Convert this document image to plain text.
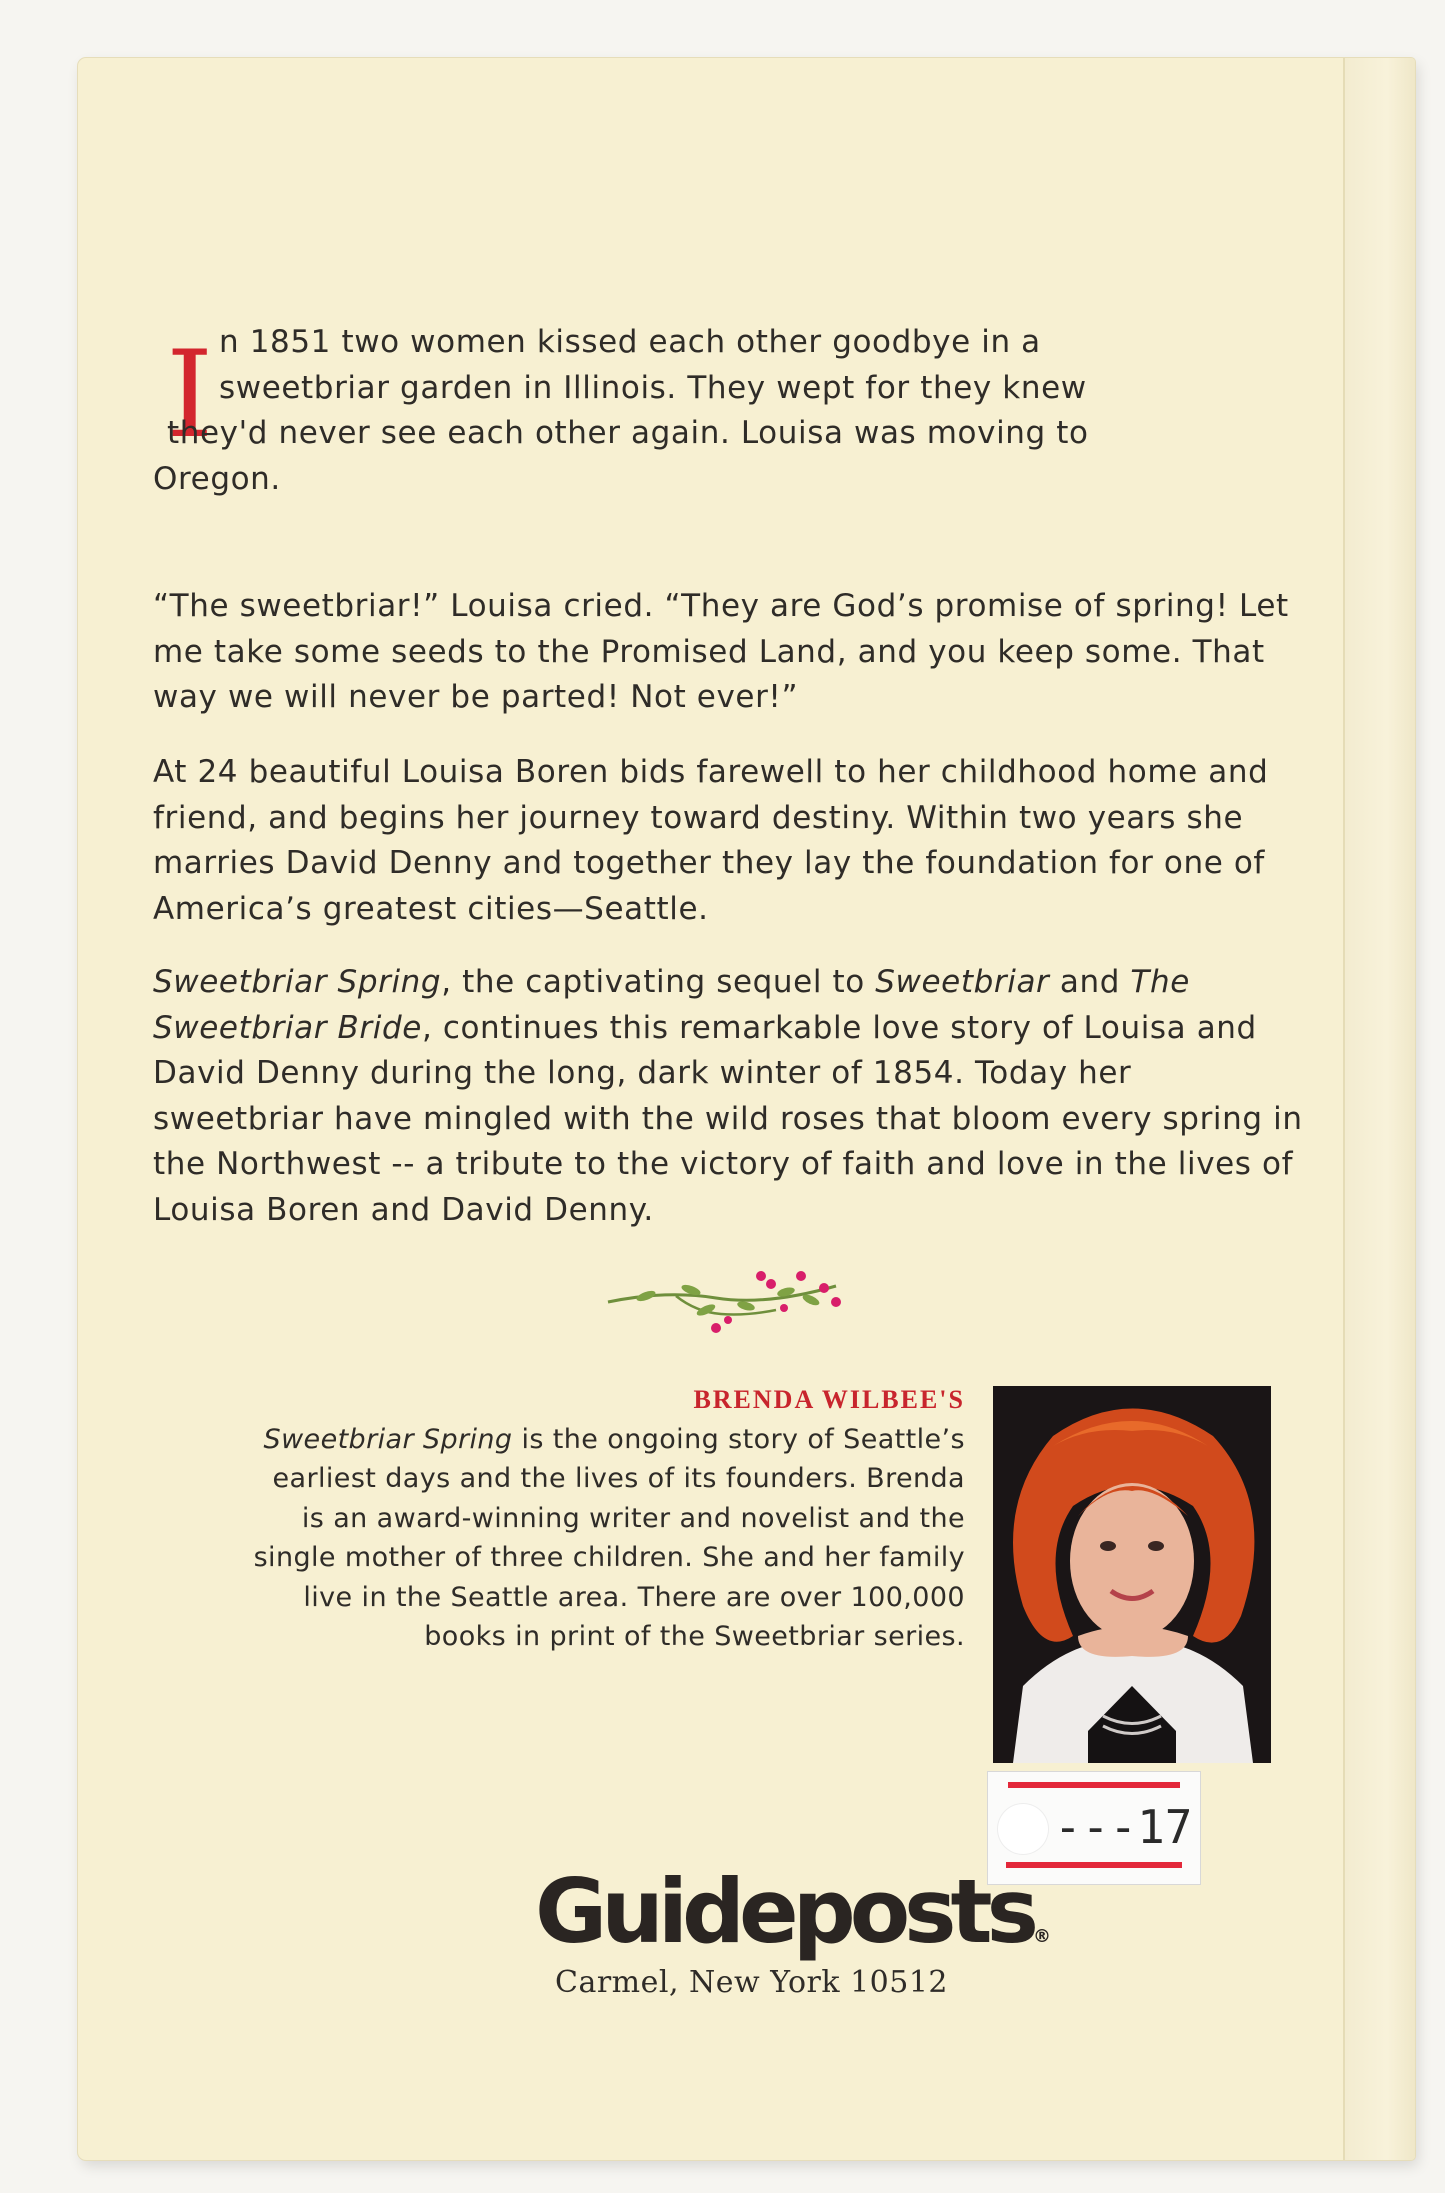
I n 1851 two women kissed each other goodbye in a
sweetbriar garden in Illinois. They wept for they knew
they'd never see each other again. Louisa was moving to
Oregon.

“The sweetbriar!” Louisa cried. “They are God’s promise of spring! Let me take some seeds to the Promised Land, and you keep some. That way we will never be parted! Not ever!”

At 24 beautiful Louisa Boren bids farewell to her childhood home and friend, and begins her journey toward destiny. Within two years she marries David Denny and together they lay the foundation for one of America’s greatest cities—Seattle.

Sweetbriar Spring, the captivating sequel to Sweetbriar and The Sweetbriar Bride, continues this remarkable love story of Louisa and David Denny during the long, dark winter of 1854. Today her sweetbriar have mingled with the wild roses that bloom every spring in the Northwest -- a tribute to the victory of faith and love in the lives of Louisa Boren and David Denny.

BRENDA WILBEE'S
Sweetbriar Spring is the ongoing story of Seattle’s earliest days and the lives of its founders. Brenda is an award-winning writer and novelist and the single mother of three children. She and her family live in the Seattle area. There are over 100,000 books in print of the Sweetbriar series.
---17
Guideposts®
Carmel, New York 10512
